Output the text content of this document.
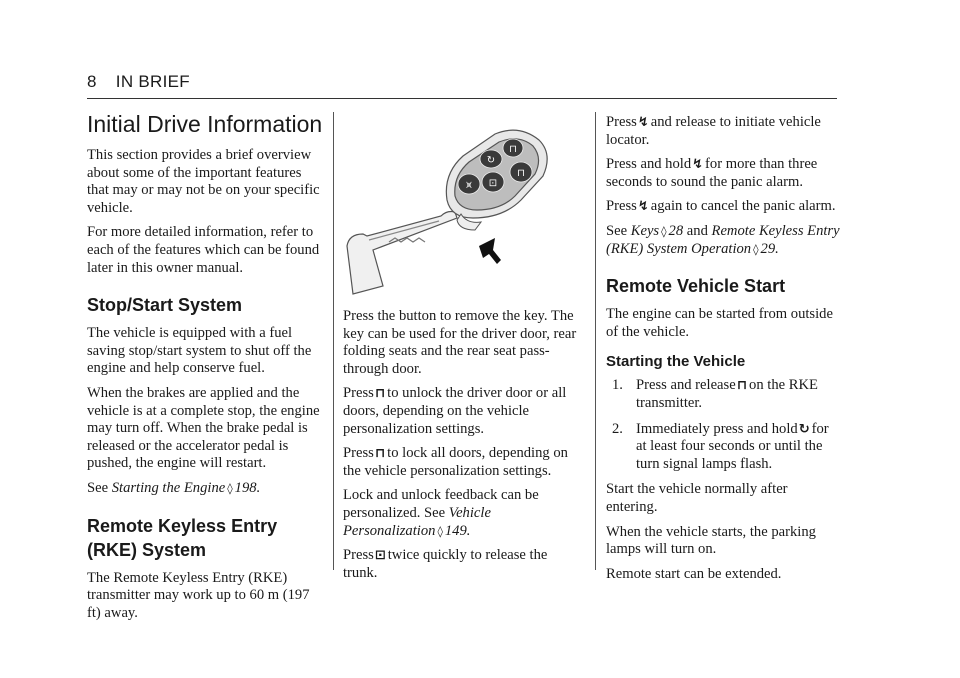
8 IN BRIEF
Initial Drive Information

This section provides a brief overview about some of the important features that may or may not be on your specific vehicle.

For more detailed information, refer to each of the features which can be found later in this owner manual.

Stop/Start System

The vehicle is equipped with a fuel saving stop/start system to shut off the engine and help conserve fuel.

When the brakes are applied and the vehicle is at a complete stop, the engine may turn off. When the brake pedal is released or the accelerator pedal is pushed, the engine will restart.

See Starting the Engine ◊ 198.

Remote Keyless Entry
(RKE) System

The Remote Keyless Entry (RKE) transmitter may work up to 60 m (197 ft) away.

↻
⊓
⩙ ⊡
⊓

Press the button to remove the key. The key can be used for the driver door, rear folding seats and the rear seat pass-through door.

Press⊓ to unlock the driver door or all doors, depending on the vehicle personalization settings.

Press⊓ to lock all doors, depending on the vehicle personalization settings.

Lock and unlock feedback can be personalized. See Vehicle Personalization ◊ 149.

Press⊡ twice quickly to release the trunk.

Press↯ and release to initiate vehicle locator.

Press and hold↯ for more than three seconds to sound the panic alarm.

Press↯ again to cancel the panic alarm.

See Keys ◊ 28 and Remote Keyless Entry (RKE) System Operation ◊ 29.

Remote Vehicle Start

The engine can be started from outside of the vehicle.

Starting the Vehicle
1. Press and release⊓ on the RKE transmitter.
2. Immediately press and hold↻ for at least four seconds or until the turn signal lamps flash.

Start the vehicle normally after entering.

When the vehicle starts, the parking lamps will turn on.

Remote start can be extended.
